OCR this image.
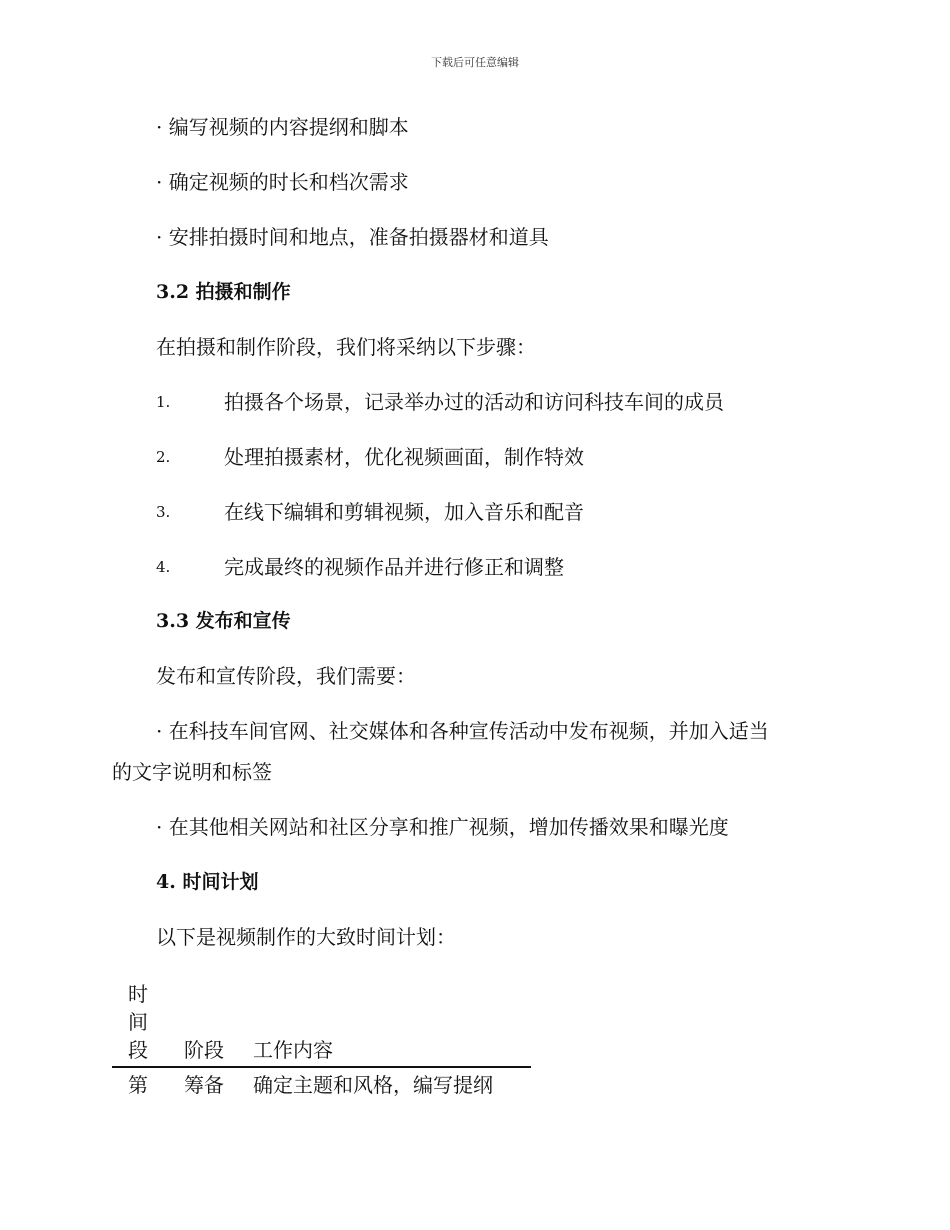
下载后可任意编辑
· 编写视频的内容提纲和脚本
· 确定视频的时长和档次需求
· 安排拍摄时间和地点，准备拍摄器材和道具
3.2 拍摄和制作
在拍摄和制作阶段，我们将采纳以下步骤：
1.	拍摄各个场景，记录举办过的活动和访问科技车间的成员
2.	处理拍摄素材，优化视频画面，制作特效
3.	在线下编辑和剪辑视频，加入音乐和配音
4.	完成最终的视频作品并进行修正和调整
3.3 发布和宣传
发布和宣传阶段，我们需要：
· 在科技车间官网、社交媒体和各种宣传活动中发布视频，并加入适当
的文字说明和标签
· 在其他相关网站和社区分享和推广视频，增加传播效果和曝光度
4. 时间计划
以下是视频制作的大致时间计划：
时
间
段 阶段 工作内容
第 筹备 确定主题和风格，编写提纲
